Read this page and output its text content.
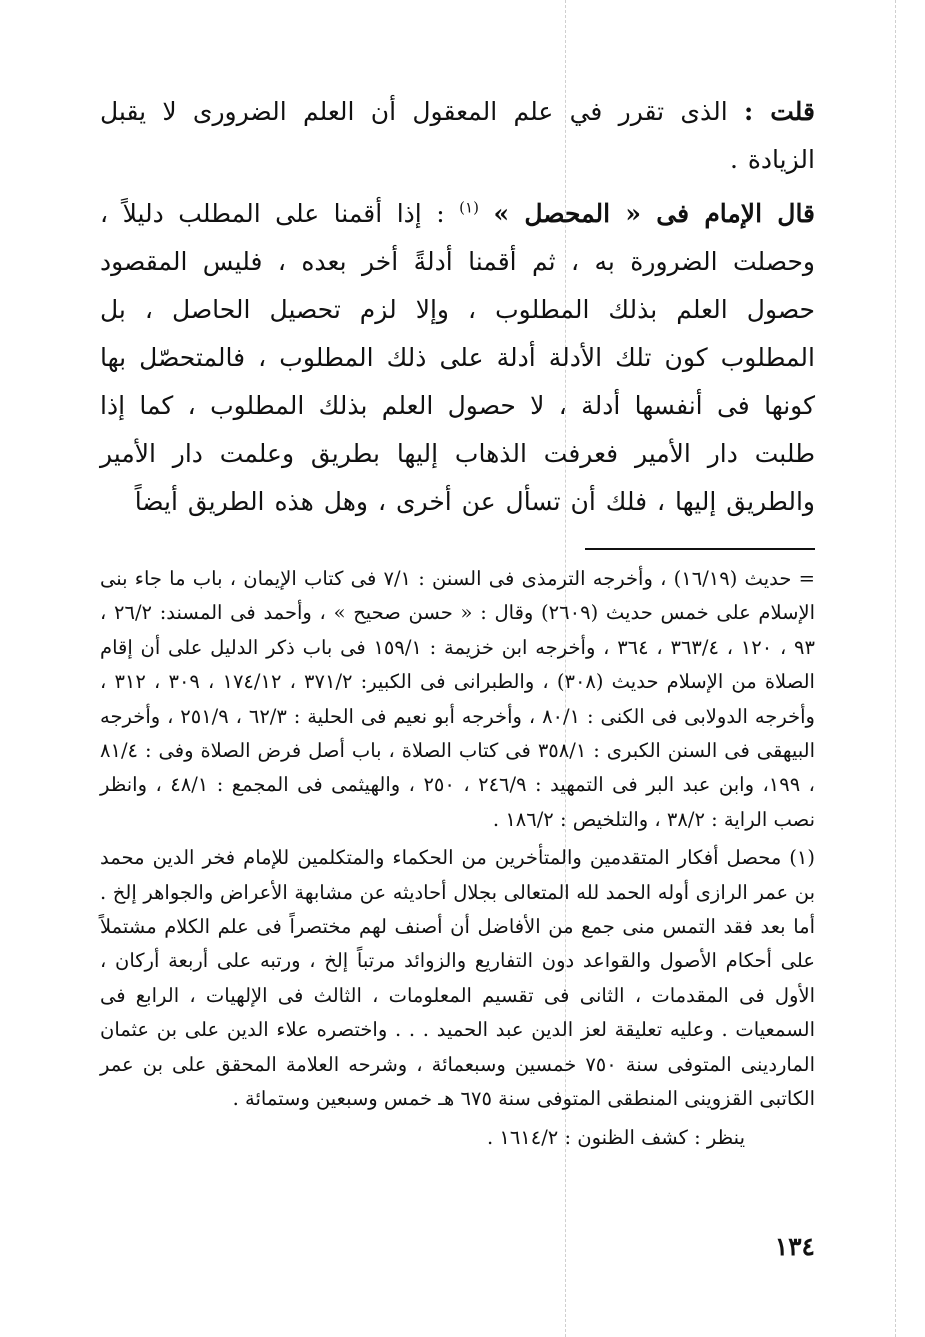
قلت : الذى تقرر في علم المعقول أن العلم الضرورى لا يقبل الزيادة .

قال الإمام فى « المحصل » $^{(١)}$ : إذا أقمنا على المطلب دليلاً ، وحصلت الضرورة به ، ثم أقمنا أدلةً أخر بعده ، فليس المقصود حصول العلم بذلك المطلوب ، وإلا لزم تحصيل الحاصل ، بل المطلوب كون تلك الأدلة أدلة على ذلك المطلوب ، فالمتحصّل بها كونها فى أنفسها أدلة ، لا حصول العلم بذلك المطلوب ، كما إذا طلبت دار الأمير فعرفت الذهاب إليها بطريق وعلمت دار الأمير والطريق إليها ، فلك أن تسأل عن أخرى ، وهل هذه الطريق أيضاً

= حديث (١٦/١٩) ، وأخرجه الترمذى فى السنن : ٧/١ فى كتاب الإيمان ، باب ما جاء بنى الإسلام على خمس حديث (٢٦٠٩) وقال : « حسن صحيح » ، وأحمد فى المسند: ٢٦/٢ ، ٩٣ ، ١٢٠ ، ٣٦٣/٤ ، ٣٦٤ ، وأخرجه ابن خزيمة : ١٥٩/١ فى باب ذكر الدليل على أن إقام الصلاة من الإسلام حديث (٣٠٨) ، والطبرانى فى الكبير: ٣٧١/٢ ، ١٧٤/١٢ ، ٣٠٩ ، ٣١٢ ، وأخرجه الدولابى فى الكنى : ٨٠/١ ، وأخرجه أبو نعيم فى الحلية : ٦٢/٣ ، ٢٥١/٩ ، وأخرجه البيهقى فى السنن الكبرى : ٣٥٨/١ فى كتاب الصلاة ، باب أصل فرض الصلاة وفى : ٨١/٤ ، ١٩٩، وابن عبد البر فى التمهيد : ٢٤٦/٩ ، ٢٥٠ ، والهيثمى فى المجمع : ٤٨/١ ، وانظر نصب الراية : ٣٨/٢ ، والتلخيص : ١٨٦/٢ .

(١) محصل أفكار المتقدمين والمتأخرين من الحكماء والمتكلمين للإمام فخر الدين محمد بن عمر الرازى أوله الحمد لله المتعالى بجلال أحاديثه عن مشابهة الأعراض والجواهر إلخ . أما بعد فقد التمس منى جمع من الأفاضل أن أصنف لهم مختصراً فى علم الكلام مشتملاً على أحكام الأصول والقواعد دون التفاريع والزوائد مرتباً إلخ ، ورتبه على أربعة أركان ، الأول فى المقدمات ، الثانى فى تقسيم المعلومات ، الثالث فى الإلهيات ، الرابع فى السمعيات . وعليه تعليقة لعز الدين عبد الحميد . . . واختصره علاء الدين على بن عثمان الماردينى المتوفى سنة ٧٥٠ خمسين وسبعمائة ، وشرحه العلامة المحقق على بن عمر الكاتبى القزوينى المنطقى المتوفى سنة ٦٧٥ هـ خمس وسبعين وستمائة .

ينظر : كشف الظنون : ١٦١٤/٢ .

١٣٤
